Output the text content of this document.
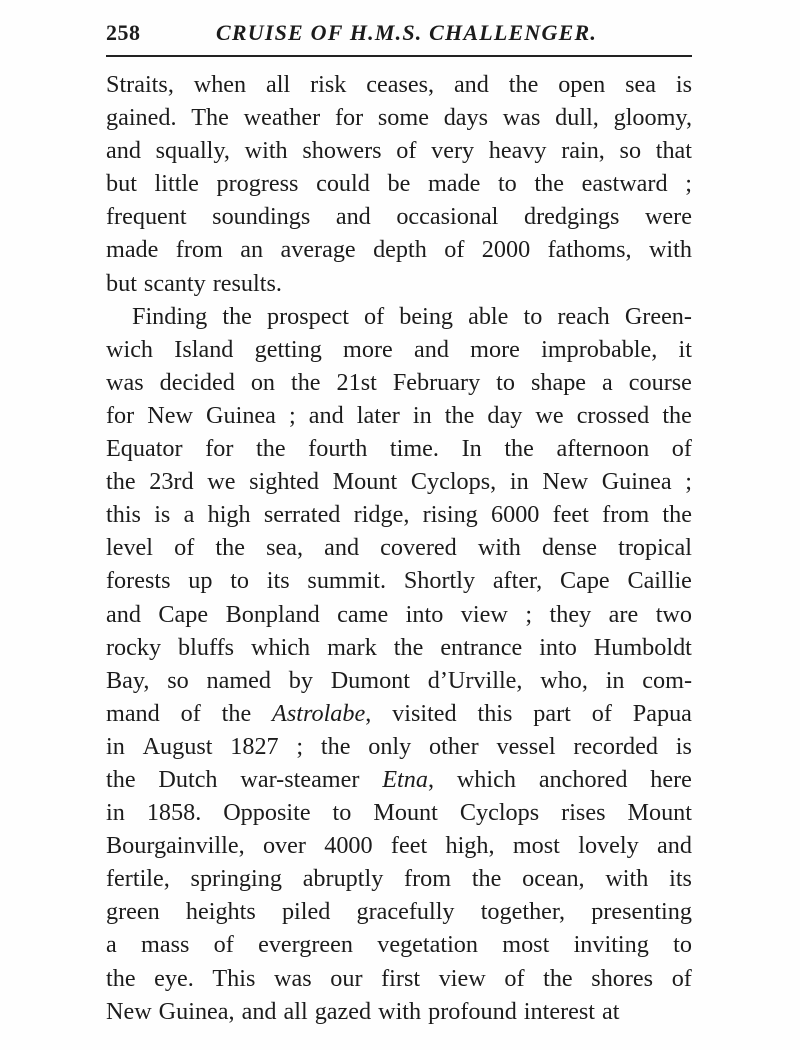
258	CRUISE OF H.M.S. CHALLENGER.
Straits, when all risk ceases, and the open sea is
gained. The weather for some days was dull, gloomy,
and squally, with showers of very heavy rain, so that
but little progress could be made to the eastward ;
frequent soundings and occasional dredgings were
made from an average depth of 2000 fathoms, with
but scanty results.
Finding the prospect of being able to reach Green-
wich Island getting more and more improbable, it
was decided on the 21st February to shape a course
for New Guinea ; and later in the day we crossed the
Equator for the fourth time. In the afternoon of
the 23rd we sighted Mount Cyclops, in New Guinea ;
this is a high serrated ridge, rising 6000 feet from the
level of the sea, and covered with dense tropical
forests up to its summit. Shortly after, Cape Caillie
and Cape Bonpland came into view ; they are two
rocky bluffs which mark the entrance into Humboldt
Bay, so named by Dumont d’Urville, who, in com-
mand of the Astrolabe, visited this part of Papua
in August 1827 ; the only other vessel recorded is
the Dutch war-steamer Etna, which anchored here
in 1858. Opposite to Mount Cyclops rises Mount
Bourgainville, over 4000 feet high, most lovely and
fertile, springing abruptly from the ocean, with its
green heights piled gracefully together, presenting
a mass of evergreen vegetation most inviting to
the eye. This was our first view of the shores of
New Guinea, and all gazed with profound interest at
